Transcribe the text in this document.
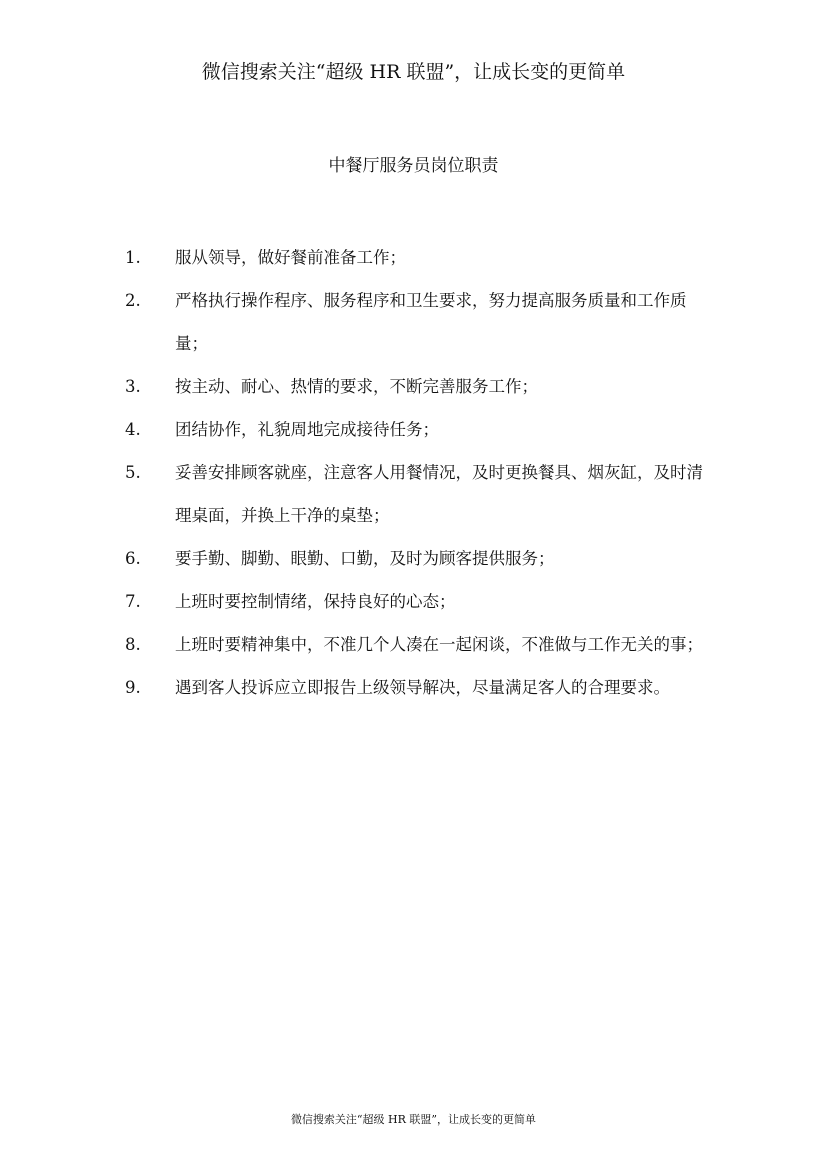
微信搜索关注“超级 HR 联盟”，让成长变的更简单
中餐厅服务员岗位职责
1.	服从领导，做好餐前准备工作；
2.	严格执行操作程序、服务程序和卫生要求，努力提高服务质量和工作质量；
3.	按主动、耐心、热情的要求，不断完善服务工作；
4.	团结协作，礼貌周地完成接待任务；
5.	妥善安排顾客就座，注意客人用餐情况，及时更换餐具、烟灰缸，及时清理桌面，并换上干净的桌垫；
6.	要手勤、脚勤、眼勤、口勤，及时为顾客提供服务；
7.	上班时要控制情绪，保持良好的心态；
8.	上班时要精神集中，不准几个人凑在一起闲谈，不准做与工作无关的事；
9.	遇到客人投诉应立即报告上级领导解决，尽量满足客人的合理要求。
微信搜索关注“超级 HR 联盟”，让成长变的更简单
